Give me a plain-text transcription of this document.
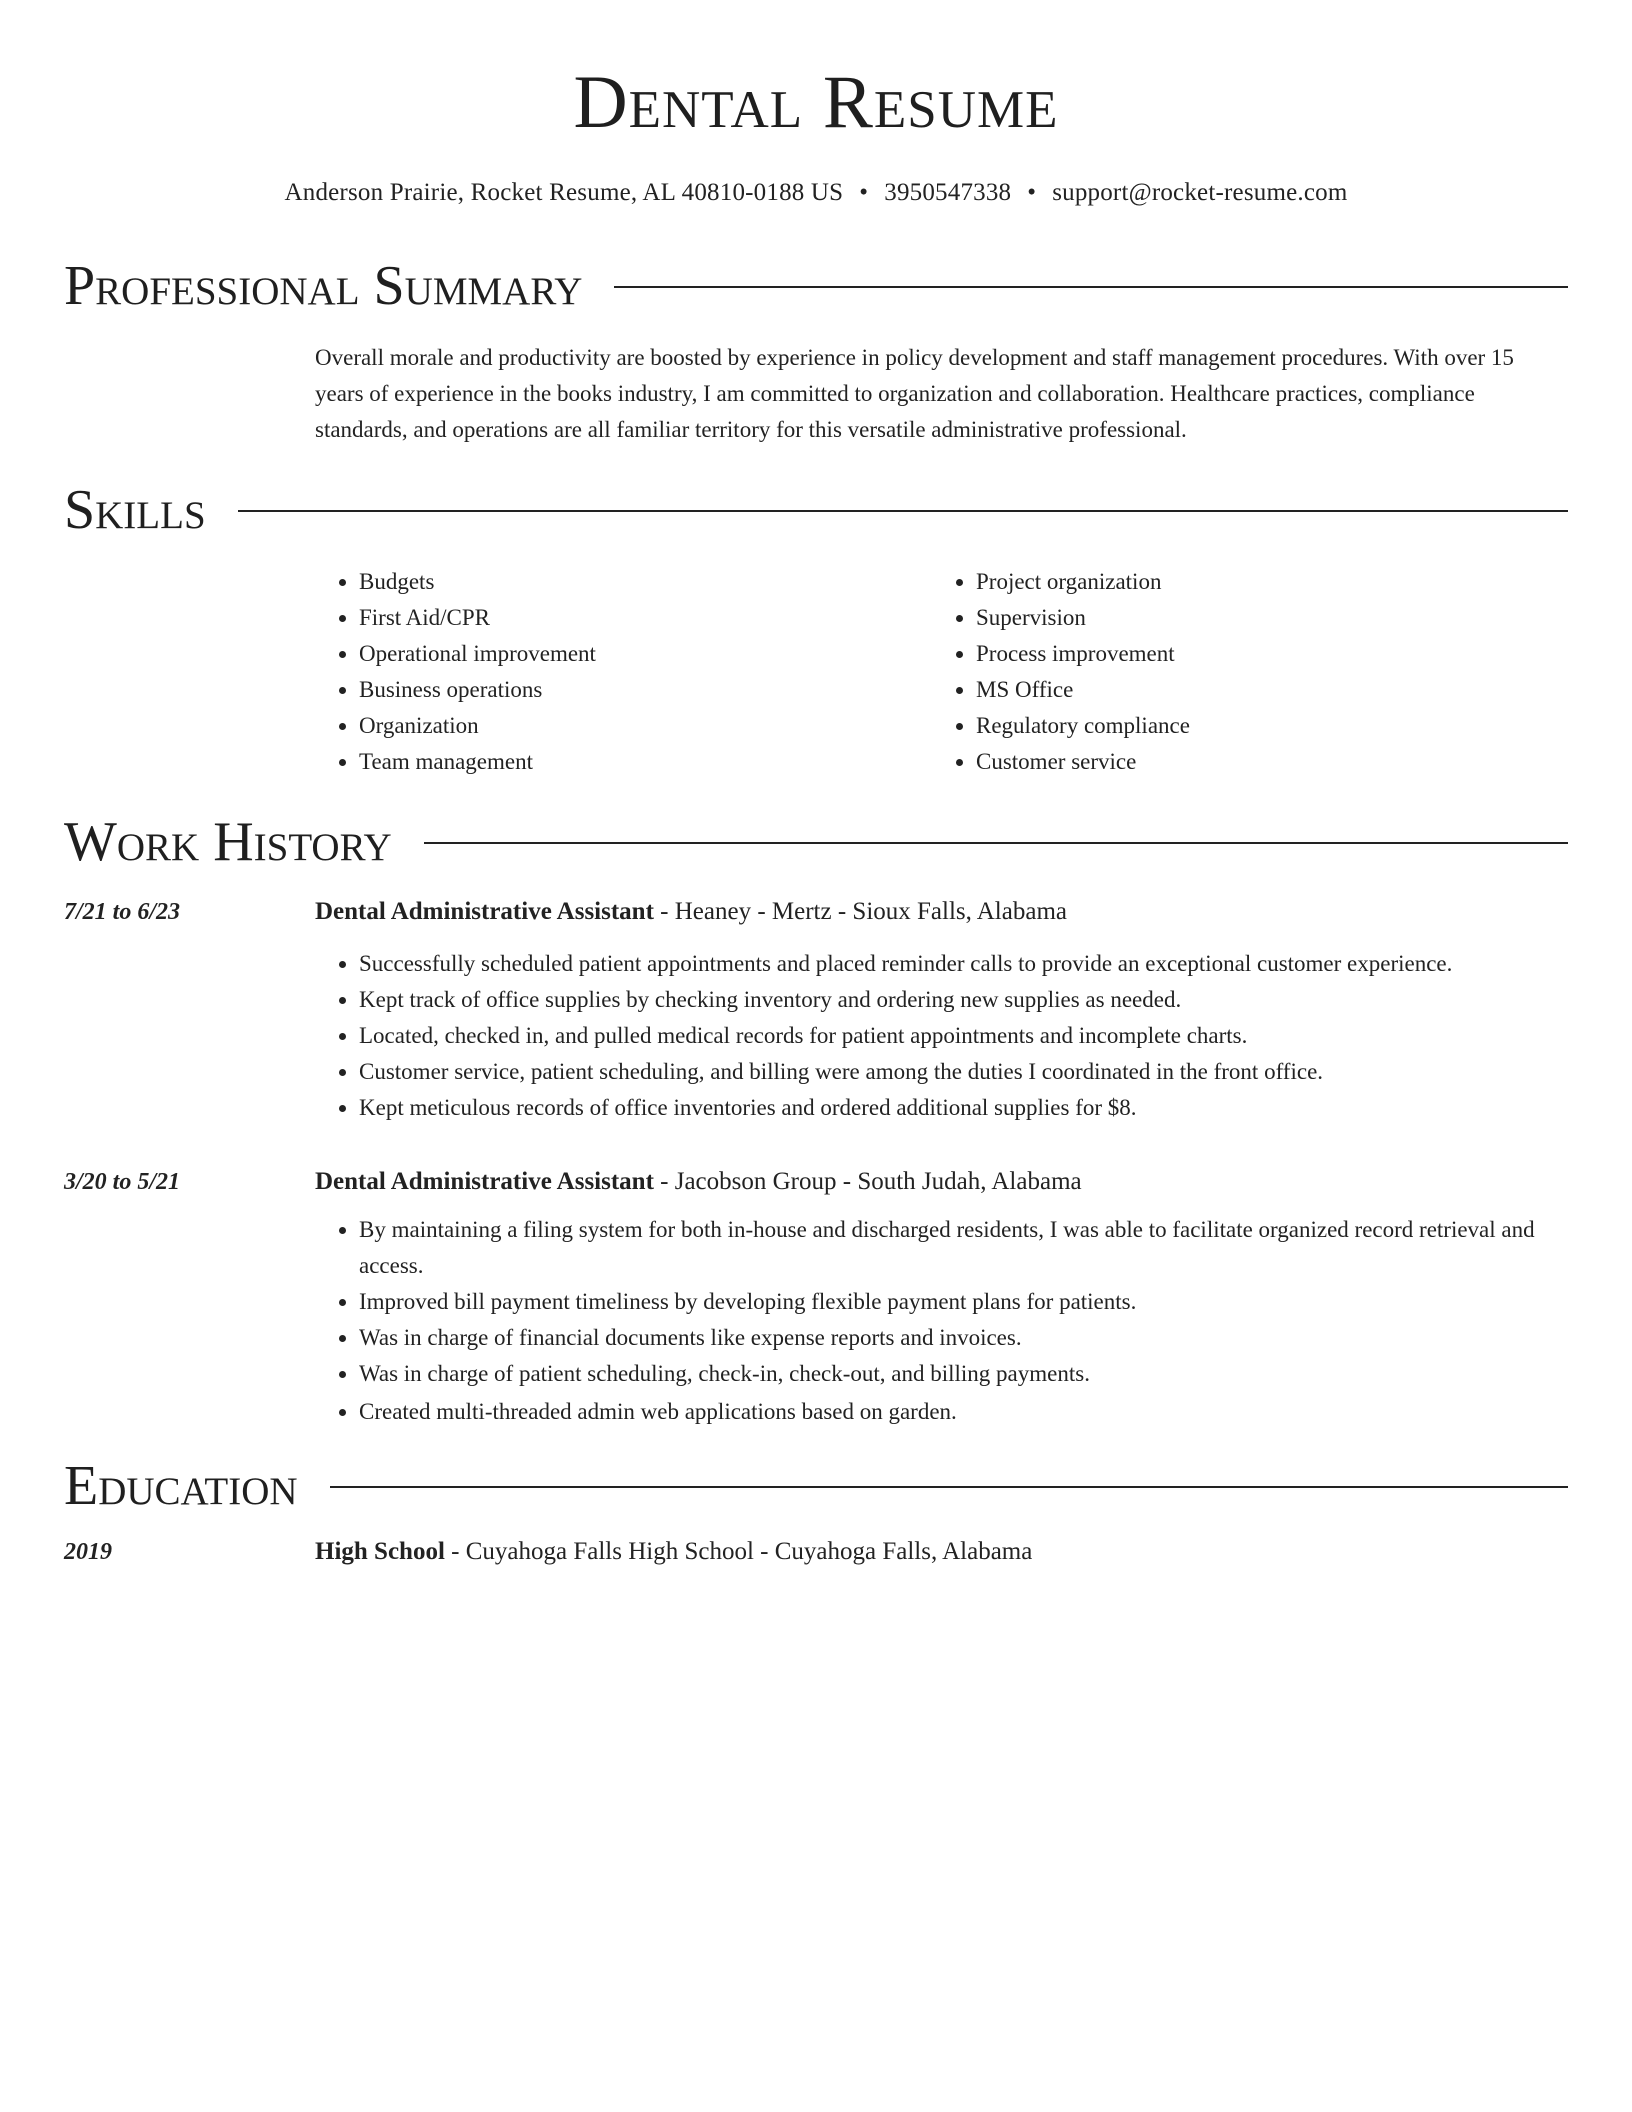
Dental Resume
Anderson Prairie, Rocket Resume, AL 40810-0188 US • 3950547338 • support@rocket-resume.com
Professional Summary
Overall morale and productivity are boosted by experience in policy development and staff management procedures. With over 15 years of experience in the books industry, I am committed to organization and collaboration. Healthcare practices, compliance standards, and operations are all familiar territory for this versatile administrative professional.
Skills
• Budgets
• First Aid/CPR
• Operational improvement
• Business operations
• Organization
• Team management
• Project organization
• Supervision
• Process improvement
• MS Office
• Regulatory compliance
• Customer service
Work History
7/21 to 6/23	Dental Administrative Assistant - Heaney - Mertz - Sioux Falls, Alabama
• Successfully scheduled patient appointments and placed reminder calls to provide an exceptional customer experience.
• Kept track of office supplies by checking inventory and ordering new supplies as needed.
• Located, checked in, and pulled medical records for patient appointments and incomplete charts.
• Customer service, patient scheduling, and billing were among the duties I coordinated in the front office.
• Kept meticulous records of office inventories and ordered additional supplies for $8.
3/20 to 5/21	Dental Administrative Assistant - Jacobson Group - South Judah, Alabama
• By maintaining a filing system for both in-house and discharged residents, I was able to facilitate organized record retrieval and access.
• Improved bill payment timeliness by developing flexible payment plans for patients.
• Was in charge of financial documents like expense reports and invoices.
• Was in charge of patient scheduling, check-in, check-out, and billing payments.
• Created multi-threaded admin web applications based on garden.
Education
2019	High School - Cuyahoga Falls High School - Cuyahoga Falls, Alabama
